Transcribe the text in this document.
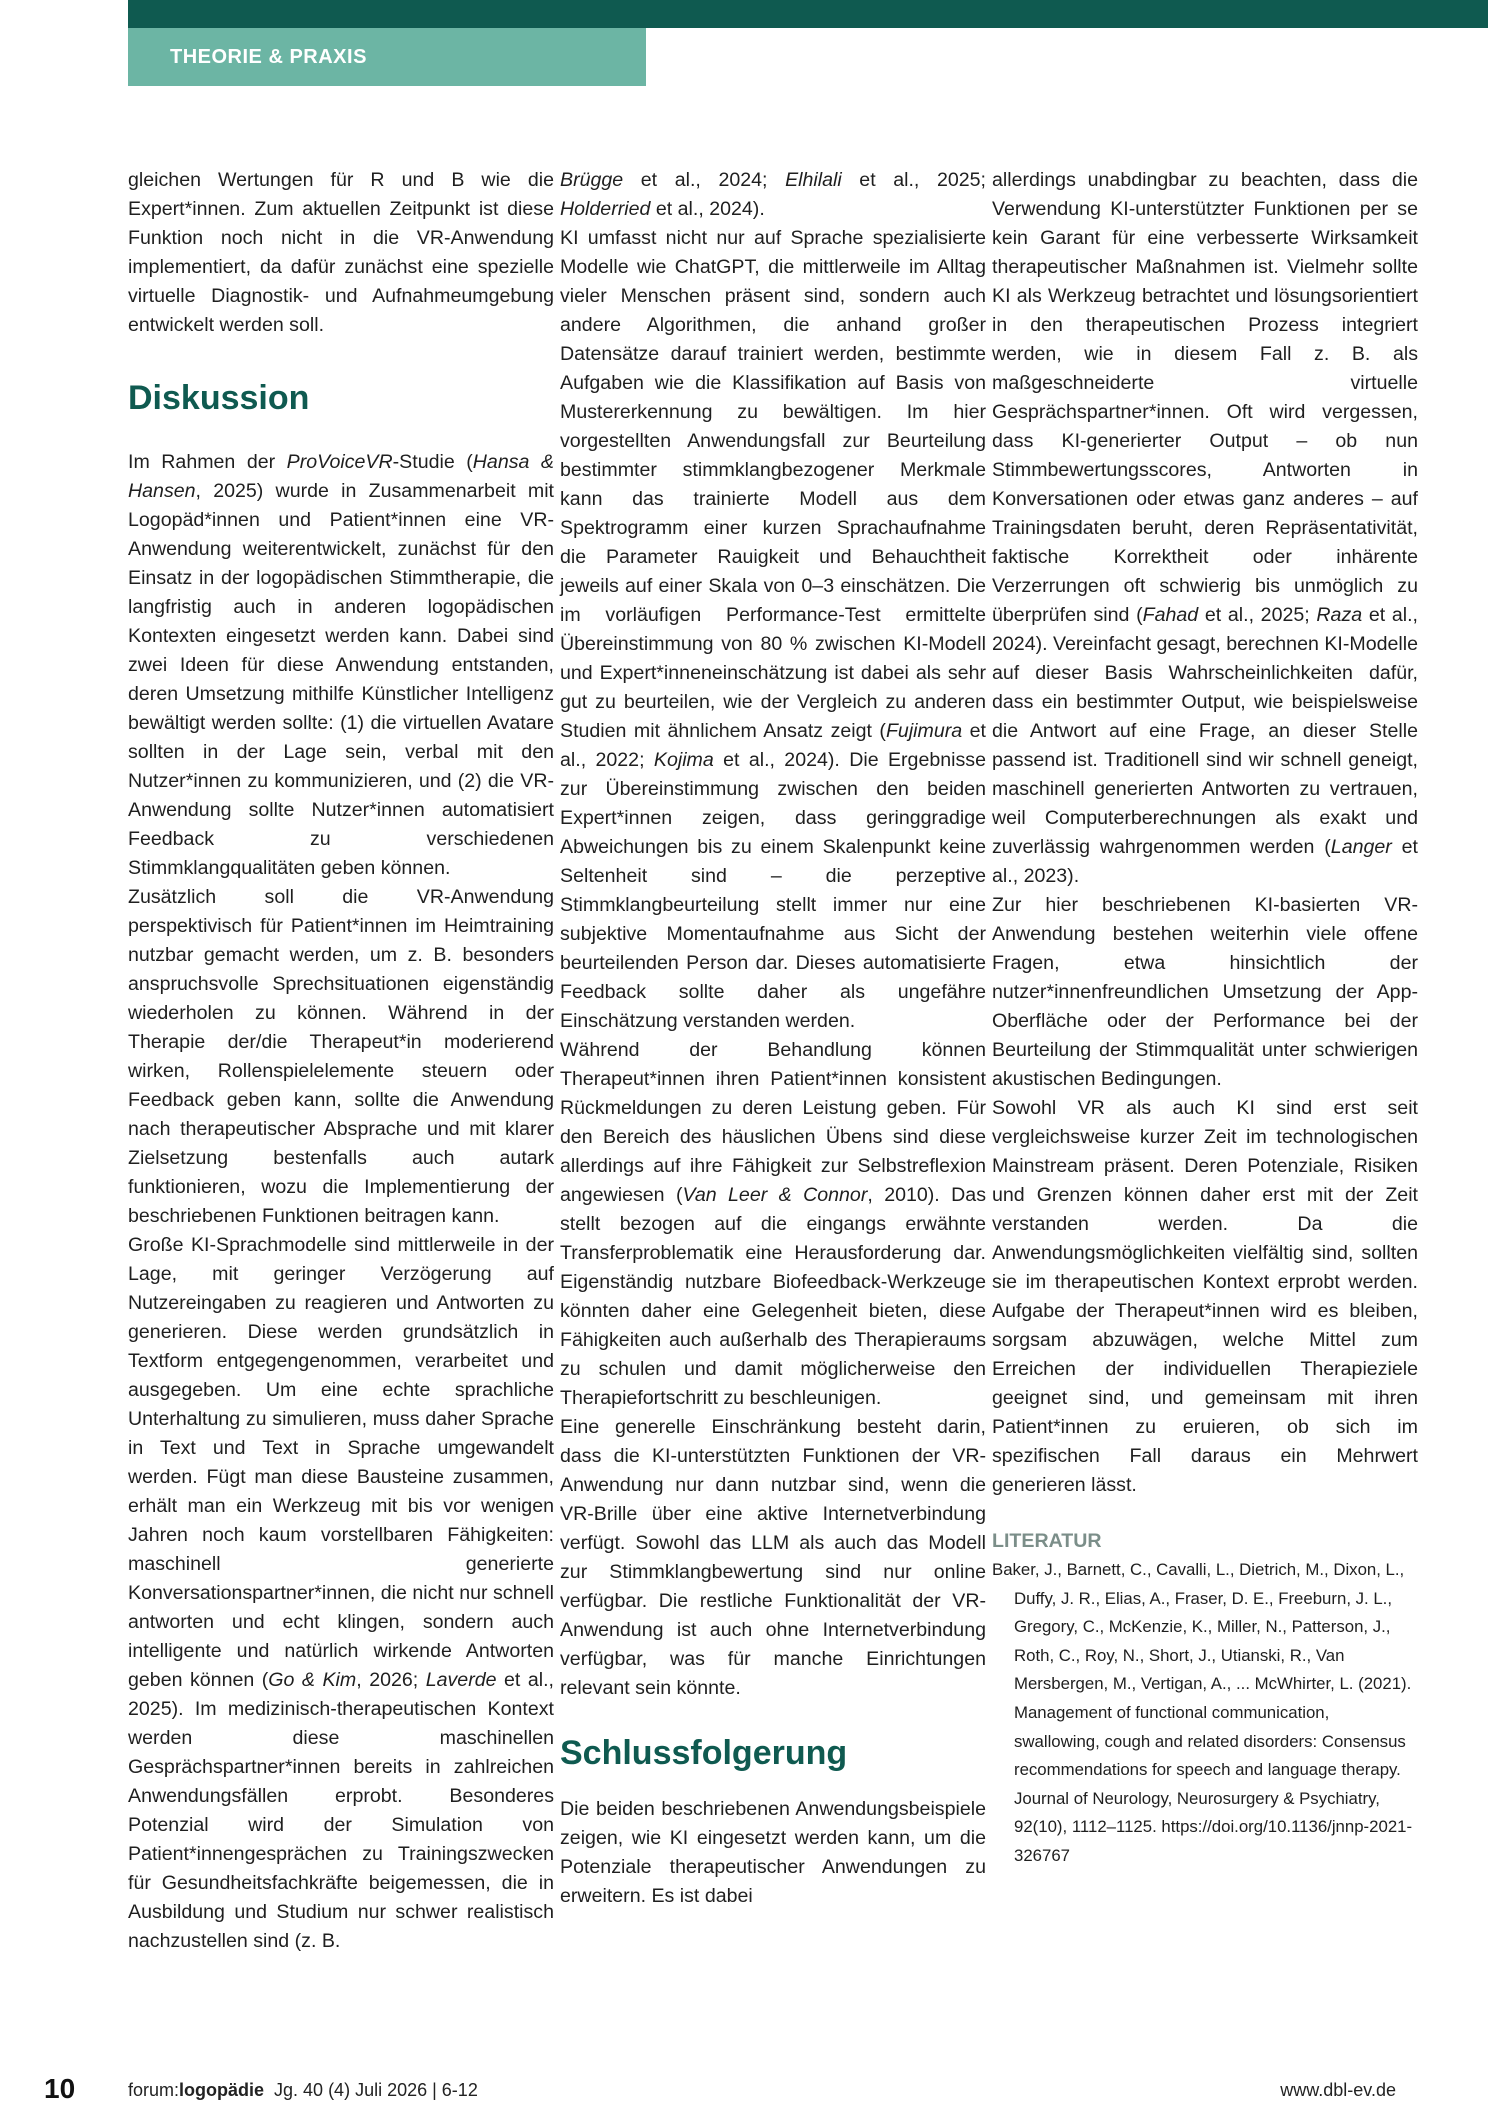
THEORIE & PRAXIS

gleichen Wertungen für R und B wie die Expert*innen. Zum aktuellen Zeitpunkt ist diese Funktion noch nicht in die VR-Anwendung implementiert, da dafür zunächst eine spezielle virtuelle Diagnostik- und Aufnahmeumgebung entwickelt werden soll.

Diskussion

Im Rahmen der ProVoiceVR-Studie (Hansa & Hansen, 2025) wurde in Zusammenarbeit mit Logopäd*innen und Patient*innen eine VR-Anwendung weiterentwickelt, zunächst für den Einsatz in der logopädischen Stimmtherapie, die langfristig auch in anderen logopädischen Kontexten eingesetzt werden kann. Dabei sind zwei Ideen für diese Anwendung entstanden, deren Umsetzung mithilfe Künstlicher Intelligenz bewältigt werden sollte: (1) die virtuellen Avatare sollten in der Lage sein, verbal mit den Nutzer*innen zu kommunizieren, und (2) die VR-Anwendung sollte Nutzer*innen automatisiert Feedback zu verschiedenen Stimmklangqualitäten geben können.

Zusätzlich soll die VR-Anwendung perspektivisch für Patient*innen im Heimtraining nutzbar gemacht werden, um z. B. besonders anspruchsvolle Sprechsituationen eigenständig wiederholen zu können. Während in der Therapie der/die Therapeut*in moderierend wirken, Rollenspielelemente steuern oder Feedback geben kann, sollte die Anwendung nach therapeutischer Absprache und mit klarer Zielsetzung bestenfalls auch autark funktionieren, wozu die Implementierung der beschriebenen Funktionen beitragen kann.

Große KI-Sprachmodelle sind mittlerweile in der Lage, mit geringer Verzögerung auf Nutzereingaben zu reagieren und Antworten zu generieren. Diese werden grundsätzlich in Textform entgegengenommen, verarbeitet und ausgegeben. Um eine echte sprachliche Unterhaltung zu simulieren, muss daher Sprache in Text und Text in Sprache umgewandelt werden. Fügt man diese Bausteine zusammen, erhält man ein Werkzeug mit bis vor wenigen Jahren noch kaum vorstellbaren Fähigkeiten: maschinell generierte Konversationspartner*innen, die nicht nur schnell antworten und echt klingen, sondern auch intelligente und natürlich wirkende Antworten geben können (Go & Kim, 2026; Laverde et al., 2025). Im medizinisch-therapeutischen Kontext werden diese maschinellen Gesprächspartner*innen bereits in zahlreichen Anwendungsfällen erprobt. Besonderes Potenzial wird der Simulation von Patient*innengesprächen zu Trainingszwecken für Gesundheitsfachkräfte beigemessen, die in Ausbildung und Studium nur schwer realistisch nachzustellen sind (z. B.

Brügge et al., 2024; Elhilali et al., 2025; Holderried et al., 2024).

KI umfasst nicht nur auf Sprache spezialisierte Modelle wie ChatGPT, die mittlerweile im Alltag vieler Menschen präsent sind, sondern auch andere Algorithmen, die anhand großer Datensätze darauf trainiert werden, bestimmte Aufgaben wie die Klassifikation auf Basis von Mustererkennung zu bewältigen. Im hier vorgestellten Anwendungsfall zur Beurteilung bestimmter stimmklangbezogener Merkmale kann das trainierte Modell aus dem Spektrogramm einer kurzen Sprachaufnahme die Parameter Rauigkeit und Behauchtheit jeweils auf einer Skala von 0–3 einschätzen. Die im vorläufigen Performance-Test ermittelte Übereinstimmung von 80 % zwischen KI-Modell und Expert*inneneinschätzung ist dabei als sehr gut zu beurteilen, wie der Vergleich zu anderen Studien mit ähnlichem Ansatz zeigt (Fujimura et al., 2022; Kojima et al., 2024). Die Ergebnisse zur Übereinstimmung zwischen den beiden Expert*innen zeigen, dass geringgradige Abweichungen bis zu einem Skalenpunkt keine Seltenheit sind – die perzeptive Stimmklangbeurteilung stellt immer nur eine subjektive Momentaufnahme aus Sicht der beurteilenden Person dar. Dieses automatisierte Feedback sollte daher als ungefähre Einschätzung verstanden werden.

Während der Behandlung können Therapeut*innen ihren Patient*innen konsistent Rückmeldungen zu deren Leistung geben. Für den Bereich des häuslichen Übens sind diese allerdings auf ihre Fähigkeit zur Selbstreflexion angewiesen (Van Leer & Connor, 2010). Das stellt bezogen auf die eingangs erwähnte Transferproblematik eine Herausforderung dar. Eigenständig nutzbare Biofeedback-Werkzeuge könnten daher eine Gelegenheit bieten, diese Fähigkeiten auch außerhalb des Therapieraums zu schulen und damit möglicherweise den Therapiefortschritt zu beschleunigen.

Eine generelle Einschränkung besteht darin, dass die KI-unterstützten Funktionen der VR-Anwendung nur dann nutzbar sind, wenn die VR-Brille über eine aktive Internetverbindung verfügt. Sowohl das LLM als auch das Modell zur Stimmklangbewertung sind nur online verfügbar. Die restliche Funktionalität der VR-Anwendung ist auch ohne Internetverbindung verfügbar, was für manche Einrichtungen relevant sein könnte.

Schlussfolgerung

Die beiden beschriebenen Anwendungsbeispiele zeigen, wie KI eingesetzt werden kann, um die Potenziale therapeutischer Anwendungen zu erweitern. Es ist dabei

allerdings unabdingbar zu beachten, dass die Verwendung KI-unterstützter Funktionen per se kein Garant für eine verbesserte Wirksamkeit therapeutischer Maßnahmen ist. Vielmehr sollte KI als Werkzeug betrachtet und lösungsorientiert in den therapeutischen Prozess integriert werden, wie in diesem Fall z. B. als maßgeschneiderte virtuelle Gesprächspartner*innen. Oft wird vergessen, dass KI-generierter Output – ob nun Stimmbewertungsscores, Antworten in Konversationen oder etwas ganz anderes – auf Trainingsdaten beruht, deren Repräsentativität, faktische Korrektheit oder inhärente Verzerrungen oft schwierig bis unmöglich zu überprüfen sind (Fahad et al., 2025; Raza et al., 2024). Vereinfacht gesagt, berechnen KI-Modelle auf dieser Basis Wahrscheinlichkeiten dafür, dass ein bestimmter Output, wie beispielsweise die Antwort auf eine Frage, an dieser Stelle passend ist. Traditionell sind wir schnell geneigt, maschinell generierten Antworten zu vertrauen, weil Computerberechnungen als exakt und zuverlässig wahrgenommen werden (Langer et al., 2023).

Zur hier beschriebenen KI-basierten VR-Anwendung bestehen weiterhin viele offene Fragen, etwa hinsichtlich der nutzer*innenfreundlichen Umsetzung der App-Oberfläche oder der Performance bei der Beurteilung der Stimmqualität unter schwierigen akustischen Bedingungen.

Sowohl VR als auch KI sind erst seit vergleichsweise kurzer Zeit im technologischen Mainstream präsent. Deren Potenziale, Risiken und Grenzen können daher erst mit der Zeit verstanden werden. Da die Anwendungsmöglichkeiten vielfältig sind, sollten sie im therapeutischen Kontext erprobt werden. Aufgabe der Therapeut*innen wird es bleiben, sorgsam abzuwägen, welche Mittel zum Erreichen der individuellen Therapieziele geeignet sind, und gemeinsam mit ihren Patient*innen zu eruieren, ob sich im spezifischen Fall daraus ein Mehrwert generieren lässt.

LITERATUR

Baker, J., Barnett, C., Cavalli, L., Dietrich, M., Dixon, L., Duffy, J. R., Elias, A., Fraser, D. E., Freeburn, J. L., Gregory, C., McKenzie, K., Miller, N., Patterson, J., Roth, C., Roy, N., Short, J., Utianski, R., Van Mersbergen, M., Vertigan, A., ... McWhirter, L. (2021). Management of functional communication, swallowing, cough and related disorders: Consensus recommendations for speech and language therapy. Journal of Neurology, Neurosurgery & Psychiatry, 92(10), 1112–1125. https://doi.org/10.1136/jnnp-2021-326767

10	forum:logopädie Jg. 40 (4) Juli 2026 | 6-12	www.dbl-ev.de
